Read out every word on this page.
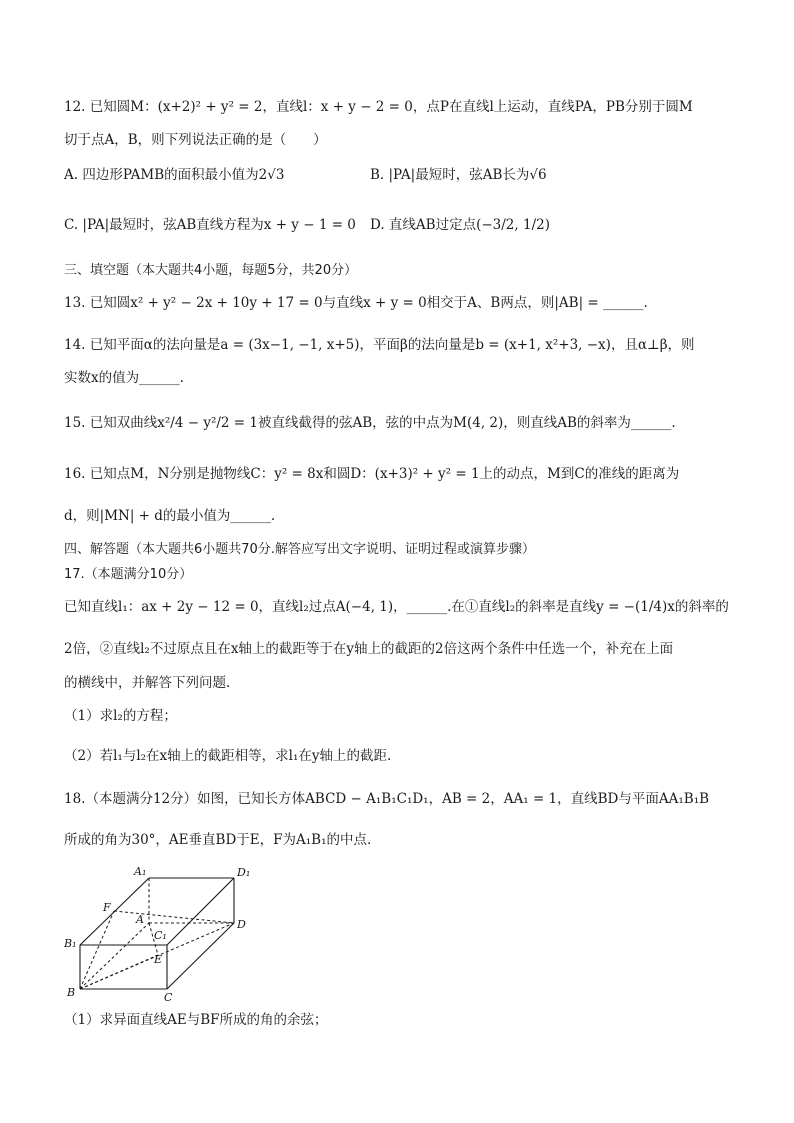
12. 已知圆M：(x+2)² + y² = 2，直线l：x + y − 2 = 0，点P在直线l上运动，直线PA，PB分别于圆M
切于点A，B，则下列说法正确的是（　　）
A. 四边形PAMB的面积最小值为2√3	B. |PA|最短时，弦AB长为√6
C. |PA|最短时，弦AB直线方程为x + y − 1 = 0 D. 直线AB过定点(−3/2, 1/2)
三、填空题（本大题共4小题，每题5分，共20分）
13. 已知圆x² + y² − 2x + 10y + 17 = 0与直线x + y = 0相交于A、B两点，则|AB| = ______.
14. 已知平面α的法向量是a = (3x−1, −1, x+5)，平面β的法向量是b = (x+1, x²+3, −x)，且α⊥β，则
实数x的值为______.
15. 已知双曲线x²/4 − y²/2 = 1被直线截得的弦AB，弦的中点为M(4, 2)，则直线AB的斜率为______.
16. 已知点M，N分别是抛物线C：y² = 8x和圆D：(x+3)² + y² = 1上的动点，M到C的准线的距离为
d，则|MN| + d的最小值为______.
四、解答题（本大题共6小题共70分.解答应写出文字说明、证明过程或演算步骤）
17.（本题满分10分）
已知直线l₁：ax + 2y − 12 = 0，直线l₂过点A(−4, 1)，______.在①直线l₂的斜率是直线y = −(1/4)x的斜率的
2倍，②直线l₂不过原点且在x轴上的截距等于在y轴上的截距的2倍这两个条件中任选一个，补充在上面
的横线中，并解答下列问题.
（1）求l₂的方程；
（2）若l₁与l₂在x轴上的截距相等，求l₁在y轴上的截距.
18.（本题满分12分）如图，已知长方体ABCD − A₁B₁C₁D₁，AB = 2，AA₁ = 1，直线BD与平面AA₁B₁B
所成的角为30°，AE垂直BD于E，F为A₁B₁的中点.
A₁	D₁
F
A
C₁
D
B₁
E
B	C
（1）求异面直线AE与BF所成的角的余弦；
